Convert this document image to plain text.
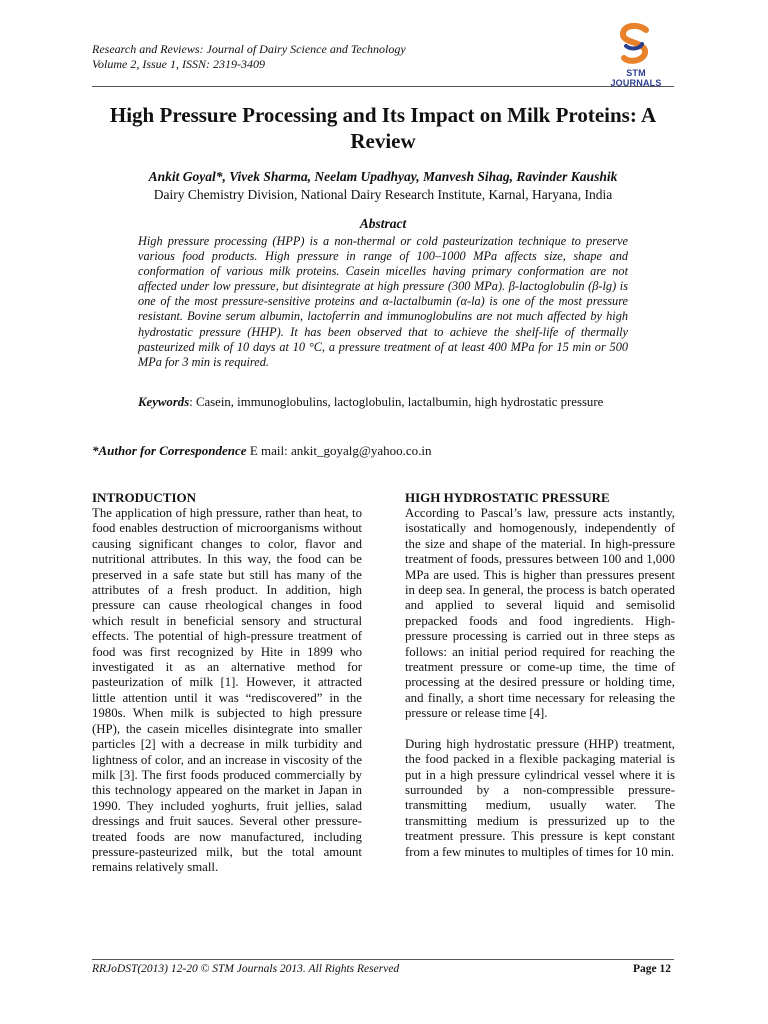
Research and Reviews: Journal of Dairy Science and Technology
Volume 2, Issue 1, ISSN: 2319-3409
STM JOURNALS
High Pressure Processing and Its Impact on Milk Proteins: A Review
Ankit Goyal*, Vivek Sharma, Neelam Upadhyay, Manvesh Sihag, Ravinder Kaushik
Dairy Chemistry Division, National Dairy Research Institute, Karnal, Haryana, India
Abstract

High pressure processing (HPP) is a non-thermal or cold pasteurization technique to preserve various food products. High pressure in range of 100–1000 MPa affects size, shape and conformation of various milk proteins. Casein micelles having primary conformation are not affected under low pressure, but disintegrate at high pressure (300 MPa). β-lactoglobulin (β-lg) is one of the most pressure-sensitive proteins and α-lactalbumin (α-la) is one of the most pressure resistant. Bovine serum albumin, lactoferrin and immunoglobulins are not much affected by high hydrostatic pressure (HHP). It has been observed that to achieve the shelf-life of thermally pasteurized milk of 10 days at 10 °C, a pressure treatment of at least 400 MPa for 15 min or 500 MPa for 3 min is required.

Keywords: Casein, immunoglobulins, lactoglobulin, lactalbumin, high hydrostatic pressure

*Author for Correspondence E mail: ankit_goyalg@yahoo.co.in
INTRODUCTION

The application of high pressure, rather than heat, to food enables destruction of microorganisms without causing significant changes to color, flavor and nutritional attributes. In this way, the food can be preserved in a safe state but still has many of the attributes of a fresh product. In addition, high pressure can cause rheological changes in food which result in beneficial sensory and structural effects. The potential of high-pressure treatment of food was first recognized by Hite in 1899 who investigated it as an alternative method for pasteurization of milk [1]. However, it attracted little attention until it was “rediscovered” in the 1980s. When milk is subjected to high pressure (HP), the casein micelles disintegrate into smaller particles [2] with a decrease in milk turbidity and lightness of color, and an increase in viscosity of the milk [3]. The first foods produced commercially by this technology appeared on the market in Japan in 1990. They included yoghurts, fruit jellies, salad dressings and fruit sauces. Several other pressure-treated foods are now manufactured, including pressure-pasteurized milk, but the total amount remains relatively small.

HIGH HYDROSTATIC PRESSURE

According to Pascal’s law, pressure acts instantly, isostatically and homogenously, independently of the size and shape of the material. In high-pressure treatment of foods, pressures between 100 and 1,000 MPa are used. This is higher than pressures present in deep sea. In general, the process is batch operated and applied to several liquid and semisolid prepacked foods and food ingredients. High-pressure processing is carried out in three steps as follows: an initial period required for reaching the treatment pressure or come-up time, the time of processing at the desired pressure or holding time, and finally, a short time necessary for releasing the pressure or release time [4].

During high hydrostatic pressure (HHP) treatment, the food packed in a flexible packaging material is put in a high pressure cylindrical vessel where it is surrounded by a non-compressible pressure-transmitting medium, usually water. The transmitting medium is pressurized up to the treatment pressure. This pressure is kept constant from a few minutes to multiples of times for 10 min.

RRJoDST(2013) 12-20 © STM Journals 2013. All Rights Reserved	Page 12
